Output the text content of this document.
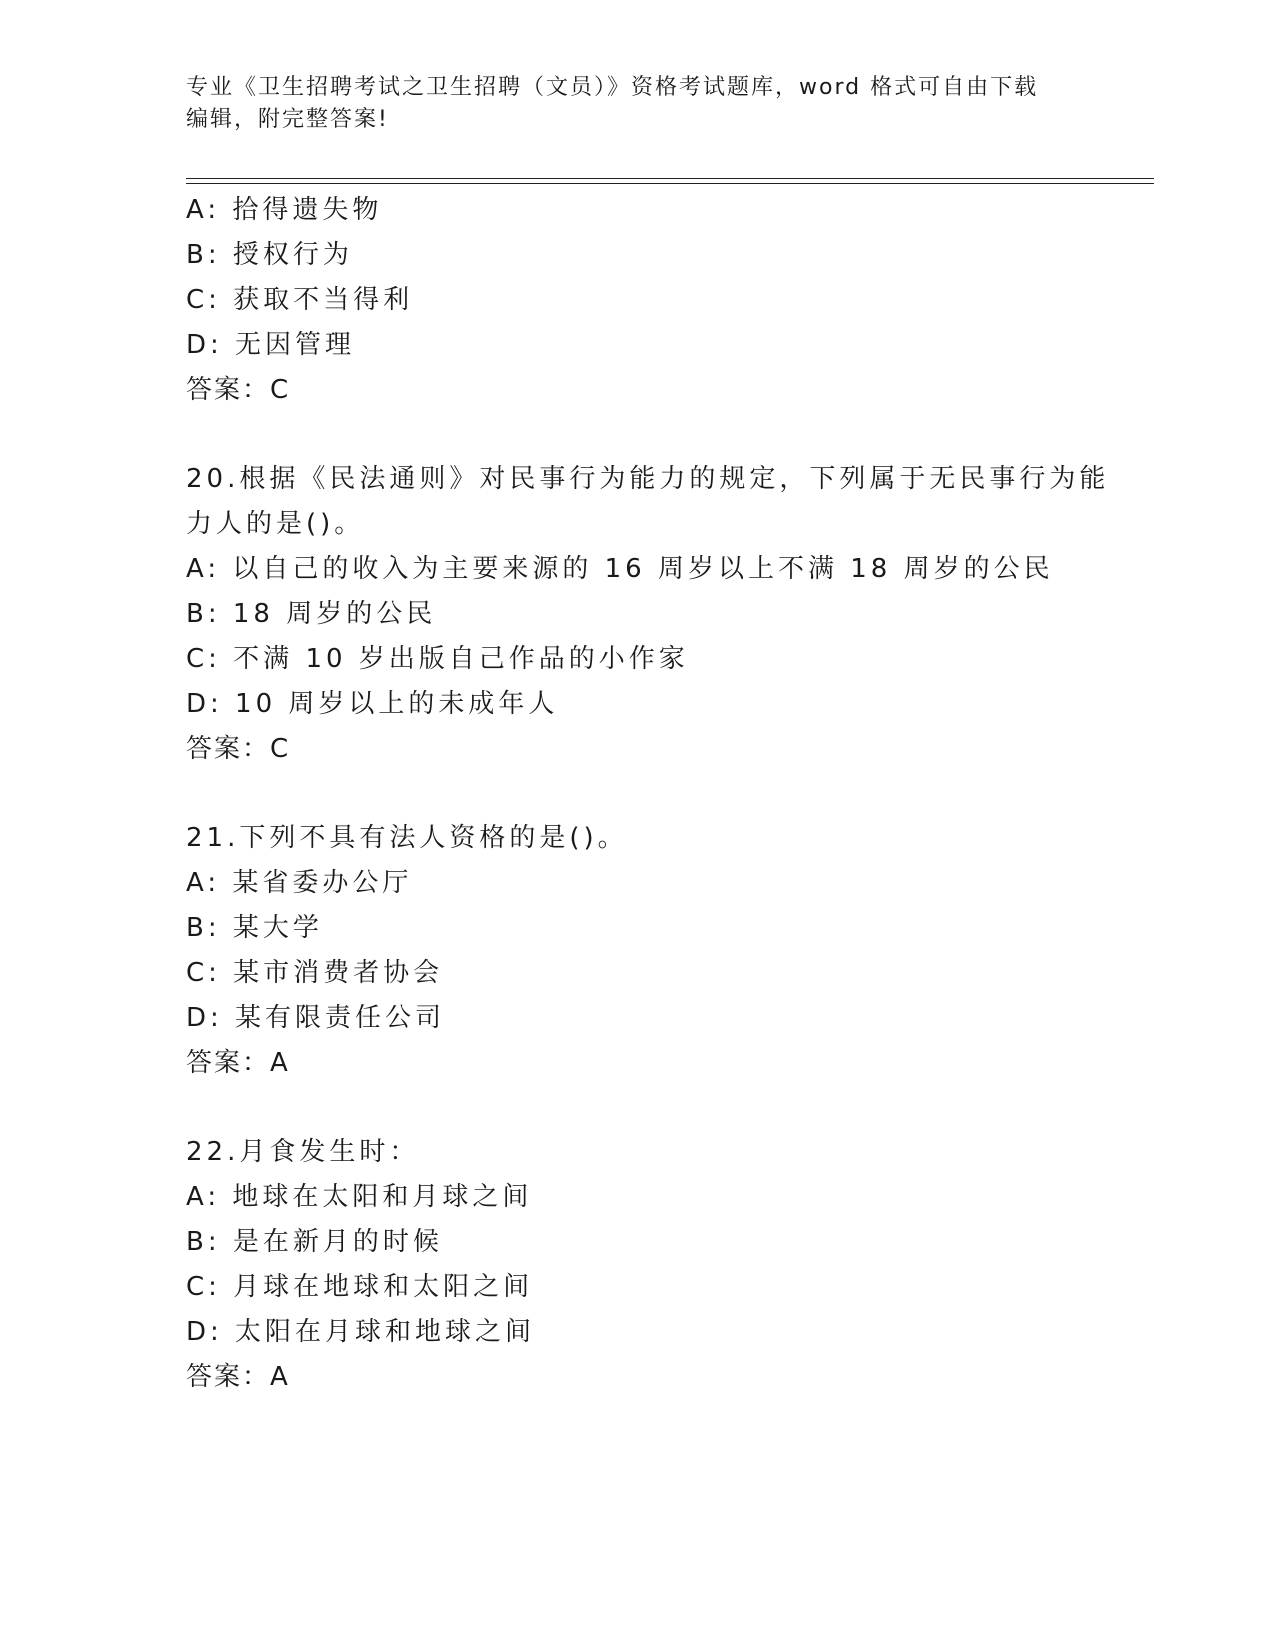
专业《卫生招聘考试之卫生招聘（文员）》资格考试题库，word 格式可自由下载
编辑，附完整答案!
A: 拾得遗失物
B: 授权行为
C: 获取不当得利
D: 无因管理
答案：C
20.根据《民法通则》对民事行为能力的规定，下列属于无民事行为能
力人的是()。
A: 以自己的收入为主要来源的 16 周岁以上不满 18 周岁的公民
B: 18 周岁的公民
C: 不满 10 岁出版自己作品的小作家
D: 10 周岁以上的未成年人
答案：C
21.下列不具有法人资格的是()。
A: 某省委办公厅
B: 某大学
C: 某市消费者协会
D: 某有限责任公司
答案：A
22.月食发生时：
A: 地球在太阳和月球之间
B: 是在新月的时候
C: 月球在地球和太阳之间
D: 太阳在月球和地球之间
答案：A
